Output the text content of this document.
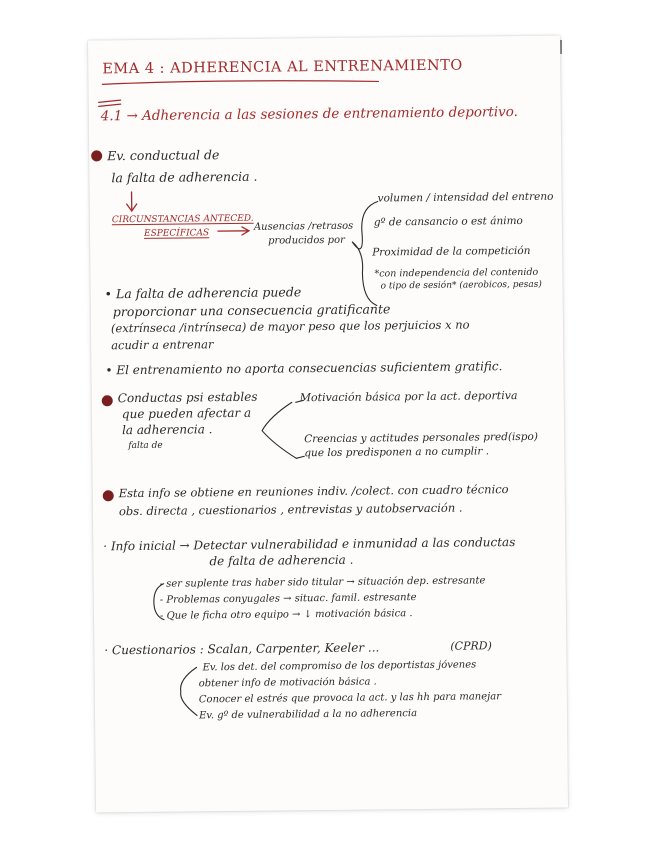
EMA 4 : ADHERENCIA AL ENTRENAMIENTO
4.1 → Adherencia a las sesiones de entrenamiento deportivo.
Ev. conductual de
la falta de adherencia .
CIRCUNSTANCIAS ANTECED.
ESPECÍFICAS
Ausencias /retrasos
producidos por
volumen / intensidad del entreno
gº de cansancio o est ánimo
Proximidad de la competición
*con independencia del contenido
o tipo de sesión* (aerobicos, pesas)
• La falta de adherencia puede
proporcionar una consecuencia gratificante
(extrínseca /intrínseca) de mayor peso que los perjuicios x no
acudir a entrenar
• El entrenamiento no aporta consecuencias suficientem gratific.
Conductas psi estables
que pueden afectar a
la adherencia .
falta de
Motivación básica por la act. deportiva
Creencias y actitudes personales pred(ispo)
que los predisponen a no cumplir .
Esta info se obtiene en reuniones indiv. /colect. con cuadro técnico
obs. directa , cuestionarios , entrevistas y autobservación .
· Info inicial → Detectar vulnerabilidad e inmunidad a las conductas
de falta de adherencia .
- ser suplente tras haber sido titular → situación dep. estresante
- Problemas conyugales → situac. famil. estresante
- Que le ficha otro equipo → ↓ motivación básica .
· Cuestionarios : Scalan, Carpenter, Keeler ...	(CPRD)
Ev. los det. del compromiso de los deportistas jóvenes
obtener info de motivación básica .
Conocer el estrés que provoca la act. y las hh para manejar
Ev. gº de vulnerabilidad a la no adherencia
